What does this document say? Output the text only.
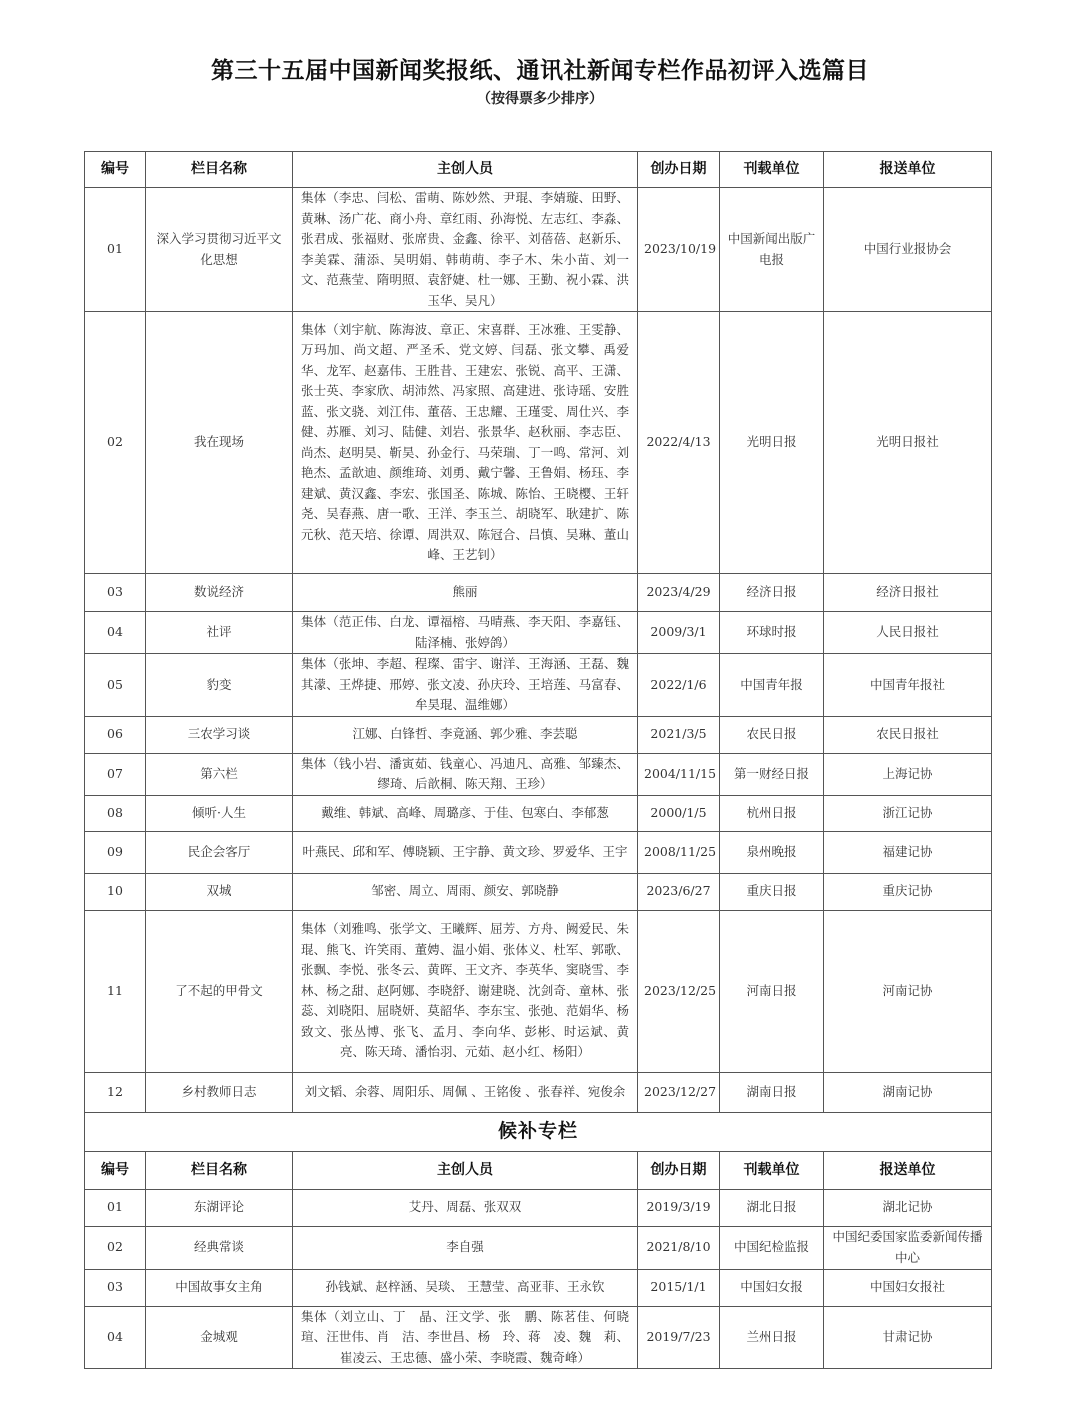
第三十五届中国新闻奖报纸、通讯社新闻专栏作品初评入选篇目
（按得票多少排序）
编号	栏目名称	主创人员	创办日期	刊载单位	报送单位
01	深入学习贯彻习近平文化思想	集体（李忠、闫松、雷萌、陈妙然、尹琨、李婧璇、田野、黄琳、汤广花、商小舟、章红雨、孙海悦、左志红、李淼、张君成、张福财、张席贵、金鑫、徐平、刘蓓蓓、赵新乐、李美霖、蒲添、吴明娟、韩萌萌、李子木、朱小苗、刘一文、范燕莹、隋明照、袁舒婕、杜一娜、王勤、祝小霖、洪玉华、吴凡）	2023/10/19	中国新闻出版广电报	中国行业报协会
02	我在现场	集体（刘宇航、陈海波、章正、宋喜群、王冰雅、王雯静、万玛加、尚文超、严圣禾、党文婷、闫磊、张文攀、禹爱华、龙军、赵嘉伟、王胜昔、王建宏、张锐、高平、王潇、张士英、李家欣、胡沛然、冯家照、高建进、张诗瑶、安胜蓝、张文骁、刘江伟、董蓓、王忠耀、王瑾雯、周仕兴、李健、苏雁、刘习、陆健、刘岩、张景华、赵秋丽、李志臣、尚杰、赵明昊、靳昊、孙金行、马荣瑞、丁一鸣、常河、刘艳杰、孟歆迪、颜维琦、刘勇、戴宁馨、王鲁娟、杨珏、李建斌、黄汉鑫、李宏、张国圣、陈城、陈怡、王晓樱、王轩尧、吴春燕、唐一歌、王洋、李玉兰、胡晓军、耿建扩、陈元秋、范天培、徐谭、周洪双、陈冠合、吕慎、吴琳、董山峰、王艺钊）	2022/4/13	光明日报	光明日报社
03	数说经济	熊丽	2023/4/29	经济日报	经济日报社
04	社评	集体（范正伟、白龙、谭福榕、马晴燕、李天阳、李嘉钰、陆泽楠、张婷鸽）	2009/3/1	环球时报	人民日报社
05	豹变	集体（张坤、李超、程璨、雷宇、谢洋、王海涵、王磊、魏其濛、王烨捷、邢婷、张文凌、孙庆玲、王培莲、马富春、牟昊琨、温维娜）	2022/1/6	中国青年报	中国青年报社
06	三农学习谈	江娜、白锋哲、李竟涵、郭少雅、李芸聪	2021/3/5	农民日报	农民日报社
07	第六栏	集体（钱小岩、潘寅茹、钱童心、冯迪凡、高雅、邹臻杰、缪琦、后歆桐、陈天翔、王珍）	2004/11/15	第一财经日报	上海记协
08	倾听·人生	戴维、韩斌、高峰、周璐彦、于佳、包寒白、李郁葱	2000/1/5	杭州日报	浙江记协
09	民企会客厅	叶燕民、邱和军、傅晓颖、王宇静、黄文珍、罗爱华、王宇	2008/11/25	泉州晚报	福建记协
10	双城	邹密、周立、周雨、颜安、郭晓静	2023/6/27	重庆日报	重庆记协
11	了不起的甲骨文	集体（刘雅鸣、张学文、王曦辉、屈芳、方舟、阙爱民、朱琨、熊飞、许笑雨、董娉、温小娟、张体义、杜军、郭歌、张飘、李悦、张冬云、黄晖、王文齐、李英华、窦晓雪、李林、杨之甜、赵阿娜、李晓舒、谢建晓、沈剑奇、童林、张蕊、刘晓阳、屈晓妍、莫韶华、李东宝、张弛、范娟华、杨致文、张丛博、张飞、孟月、李向华、彭彬、时运斌、黄亮、陈天琦、潘怡羽、元茹、赵小红、杨阳）	2023/12/25	河南日报	河南记协
12	乡村教师日志	刘文韬、余蓉、周阳乐、周佩 、王铭俊 、张春祥、宛俊余	2023/12/27	湖南日报	湖南记协
候补专栏					
编号	栏目名称	主创人员	创办日期	刊载单位	报送单位
01	东湖评论	艾丹、周磊、张双双	2019/3/19	湖北日报	湖北记协
02	经典常谈	李自强	2021/8/10	中国纪检监报	中国纪委国家监委新闻传播中心
03	中国故事女主角	孙钱斌、赵梓涵、吴琰、 王慧莹、高亚菲、王永钦	2015/1/1	中国妇女报	中国妇女报社
04	金城观	集体（刘立山、丁　晶、汪文学、张　鹏、陈茗佳、何晓瑄、汪世伟、肖　洁、李世昌、杨　玲、蒋　凌、魏　莉、崔凌云、王忠德、盛小荣、李晓霞、魏奇峰）	2019/7/23	兰州日报	甘肃记协
